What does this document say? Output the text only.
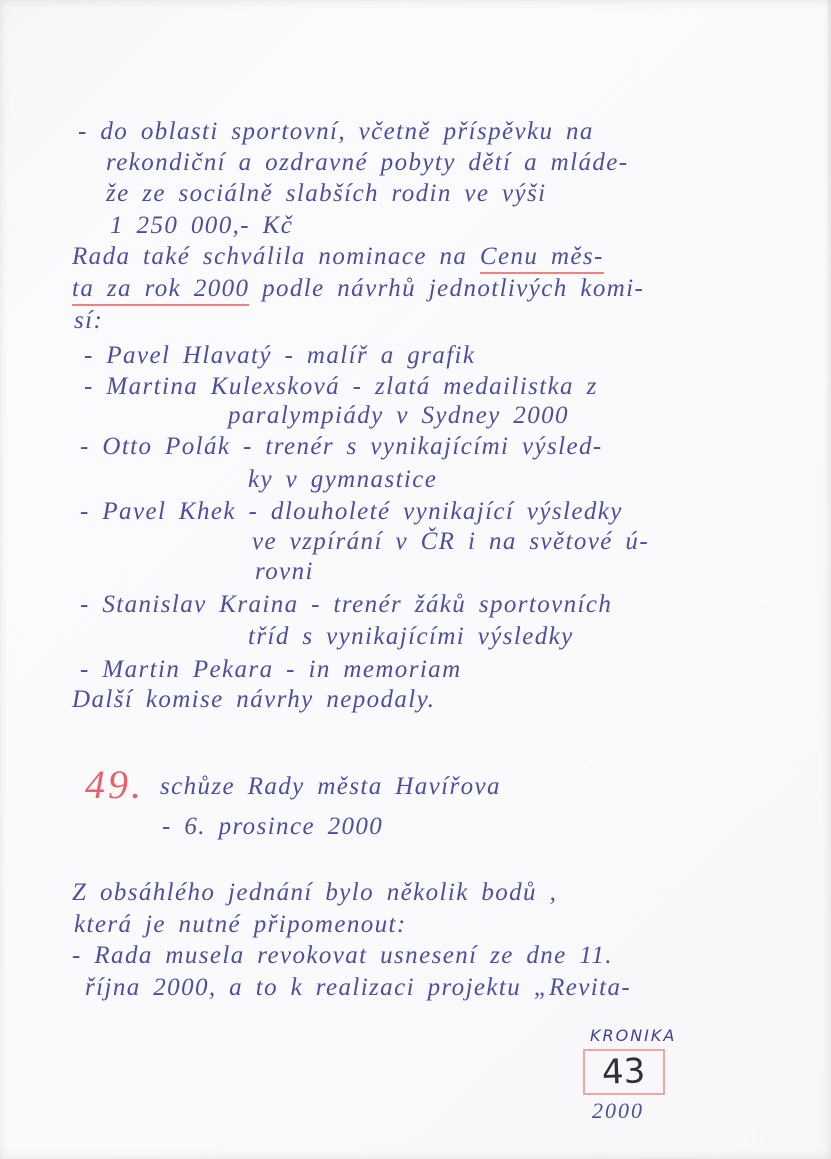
- do oblasti sportovní, včetně příspěvku na
rekondiční a ozdravné pobyty dětí a mláde-
že ze sociálně slabších rodin ve výši
1 250 000,- Kč
Rada také schválila nominace na Cenu měs-
ta za rok 2000 podle návrhů jednotlivých komi-
sí:
- Pavel Hlavatý - malíř a grafik
- Martina Kulexsková - zlatá medailistka z
paralympiády v Sydney 2000
- Otto Polák - trenér s vynikajícími výsled-
ky v gymnastice
- Pavel Khek - dlouholeté vynikající výsledky
ve vzpírání v ČR i na světové ú-
rovni
- Stanislav Kraina - trenér žáků sportovních
tříd s vynikajícími výsledky
- Martin Pekara - in memoriam
Další komise návrhy nepodaly.
49. schůze Rady města Havířova
- 6. prosince 2000
Z obsáhlého jednání bylo několik bodů ,
která je nutné připomenout:
- Rada musela revokovat usnesení ze dne 11.
října 2000, a to k realizaci projektu „Revita-
KRONIKA
43
2000
